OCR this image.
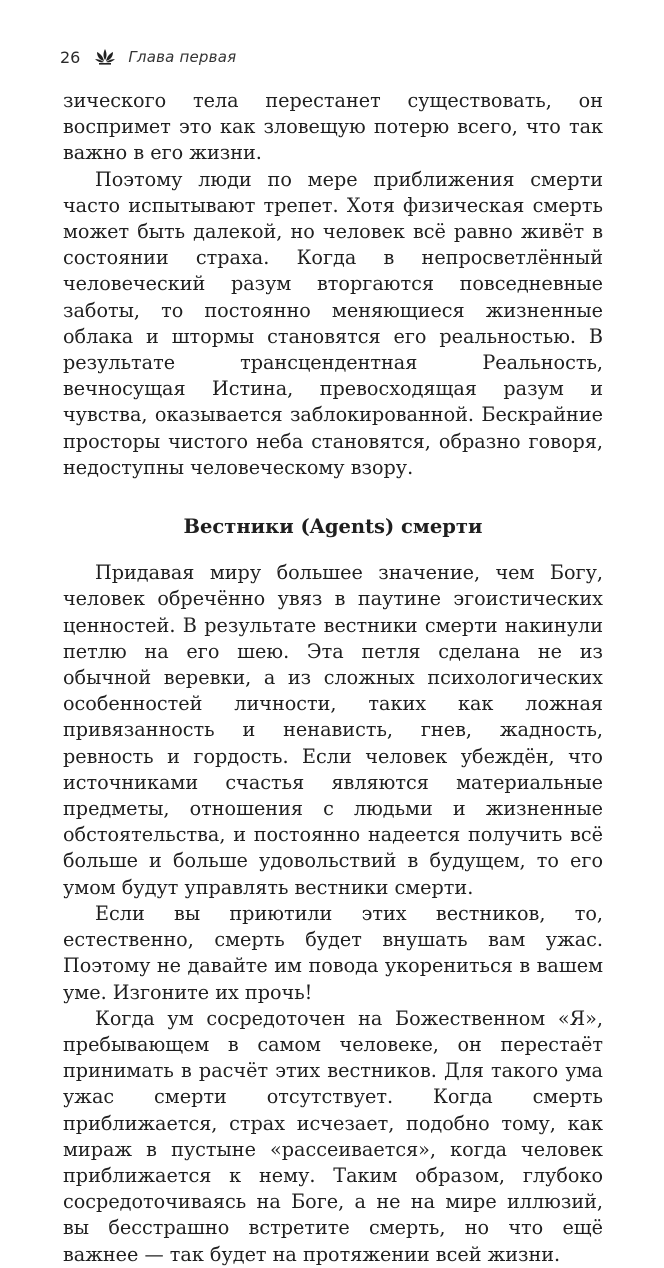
26	Глава первая

зического тела перестанет существовать, он воспримет это как зловещую потерю всего, что так важно в его жизни.

Поэтому люди по мере приближения смерти часто испытывают трепет. Хотя физическая смерть может быть далекой, но человек всё равно живёт в состоянии страха. Когда в непросветлённый человеческий разум вторгаются повседневные заботы, то постоянно меняющиеся жизненные облака и штормы становятся его реальностью. В результате трансцендентная Реальность, вечносущая Истина, превосходящая разум и чувства, оказывается заблокированной. Бескрайние просторы чистого неба становятся, образно говоря, недоступны человеческому взору.

Вестники (Agents) смерти

Придавая миру большее значение, чем Богу, человек обречённо увяз в паутине эгоистических ценностей. В результате вестники смерти накинули петлю на его шею. Эта петля сделана не из обычной веревки, а из сложных психологических особенностей личности, таких как ложная привязанность и ненависть, гнев, жадность, ревность и гордость. Если человек убеждён, что источниками счастья являются материальные предметы, отношения с людьми и жизненные обстоятельства, и постоянно надеется получить всё больше и больше удовольствий в будущем, то его умом будут управлять вестники смерти.

Если вы приютили этих вестников, то, естественно, смерть будет внушать вам ужас. Поэтому не давайте им повода укорениться в вашем уме. Изгоните их прочь!

Когда ум сосредоточен на Божественном «Я», пребывающем в самом человеке, он перестаёт принимать в расчёт этих вестников. Для такого ума ужас смерти отсутствует. Когда смерть приближается, страх исчезает, подобно тому, как мираж в пустыне «рассеивается», когда человек приближается к нему. Таким образом, глубоко сосредоточиваясь на Боге, а не на мире иллюзий, вы бесстрашно встретите смерть, но что ещё важнее — так будет на протяжении всей жизни.
